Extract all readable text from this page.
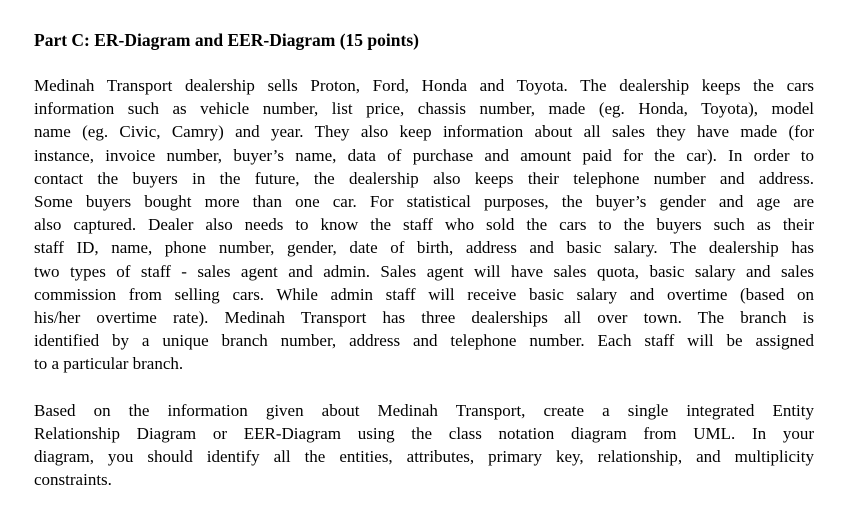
Part C: ER-Diagram and EER-Diagram (15 points)
Medinah Transport dealership sells Proton, Ford, Honda and Toyota. The dealership keeps the cars
information such as vehicle number, list price, chassis number, made (eg. Honda, Toyota), model
name (eg. Civic, Camry) and year. They also keep information about all sales they have made (for
instance, invoice number, buyer’s name, data of purchase and amount paid for the car). In order to
contact the buyers in the future, the dealership also keeps their telephone number and address.
Some buyers bought more than one car. For statistical purposes, the buyer’s gender and age are
also captured. Dealer also needs to know the staff who sold the cars to the buyers such as their
staff ID, name, phone number, gender, date of birth, address and basic salary. The dealership has
two types of staff - sales agent and admin. Sales agent will have sales quota, basic salary and sales
commission from selling cars. While admin staff will receive basic salary and overtime (based on
his/her overtime rate). Medinah Transport has three dealerships all over town. The branch is
identified by a unique branch number, address and telephone number. Each staff will be assigned
to a particular branch.
Based on the information given about Medinah Transport, create a single integrated Entity
Relationship Diagram or EER-Diagram using the class notation diagram from UML. In your
diagram, you should identify all the entities, attributes, primary key, relationship, and multiplicity
constraints.
